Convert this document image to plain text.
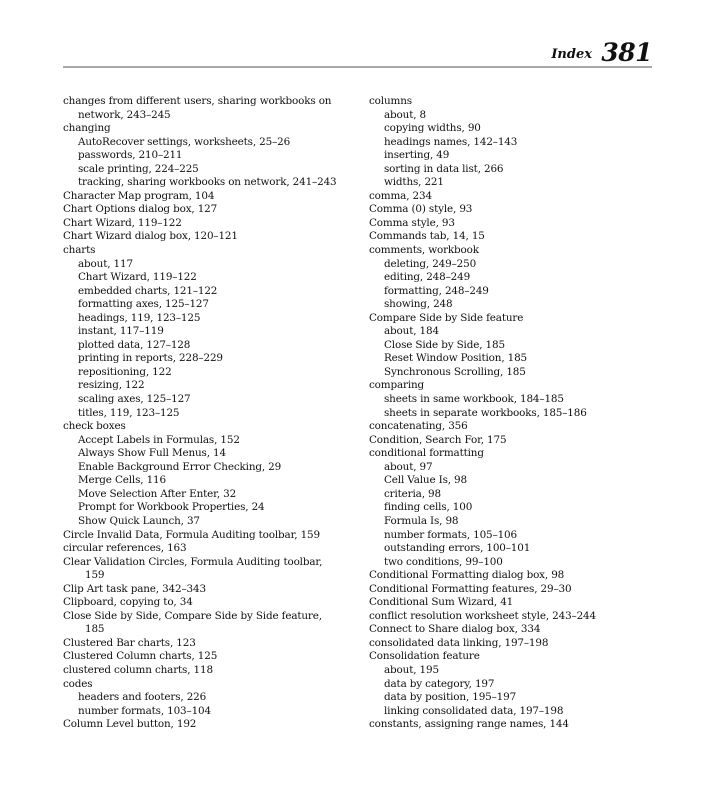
Index 381
changes from different users, sharing workbooks on
network, 243–245
changing
AutoRecover settings, worksheets, 25–26
passwords, 210–211
scale printing, 224–225
tracking, sharing workbooks on network, 241–243
Character Map program, 104
Chart Options dialog box, 127
Chart Wizard, 119–122
Chart Wizard dialog box, 120–121
charts
about, 117
Chart Wizard, 119–122
embedded charts, 121–122
formatting axes, 125–127
headings, 119, 123–125
instant, 117–119
plotted data, 127–128
printing in reports, 228–229
repositioning, 122
resizing, 122
scaling axes, 125–127
titles, 119, 123–125
check boxes
Accept Labels in Formulas, 152
Always Show Full Menus, 14
Enable Background Error Checking, 29
Merge Cells, 116
Move Selection After Enter, 32
Prompt for Workbook Properties, 24
Show Quick Launch, 37
Circle Invalid Data, Formula Auditing toolbar, 159
circular references, 163
Clear Validation Circles, Formula Auditing toolbar,
159
Clip Art task pane, 342–343
Clipboard, copying to, 34
Close Side by Side, Compare Side by Side feature,
185
Clustered Bar charts, 123
Clustered Column charts, 125
clustered column charts, 118
codes
headers and footers, 226
number formats, 103–104
Column Level button, 192
columns
about, 8
copying widths, 90
headings names, 142–143
inserting, 49
sorting in data list, 266
widths, 221
comma, 234
Comma (0) style, 93
Comma style, 93
Commands tab, 14, 15
comments, workbook
deleting, 249–250
editing, 248–249
formatting, 248–249
showing, 248
Compare Side by Side feature
about, 184
Close Side by Side, 185
Reset Window Position, 185
Synchronous Scrolling, 185
comparing
sheets in same workbook, 184–185
sheets in separate workbooks, 185–186
concatenating, 356
Condition, Search For, 175
conditional formatting
about, 97
Cell Value Is, 98
criteria, 98
finding cells, 100
Formula Is, 98
number formats, 105–106
outstanding errors, 100–101
two conditions, 99–100
Conditional Formatting dialog box, 98
Conditional Formatting features, 29–30
Conditional Sum Wizard, 41
conflict resolution worksheet style, 243–244
Connect to Share dialog box, 334
consolidated data linking, 197–198
Consolidation feature
about, 195
data by category, 197
data by position, 195–197
linking consolidated data, 197–198
constants, assigning range names, 144
